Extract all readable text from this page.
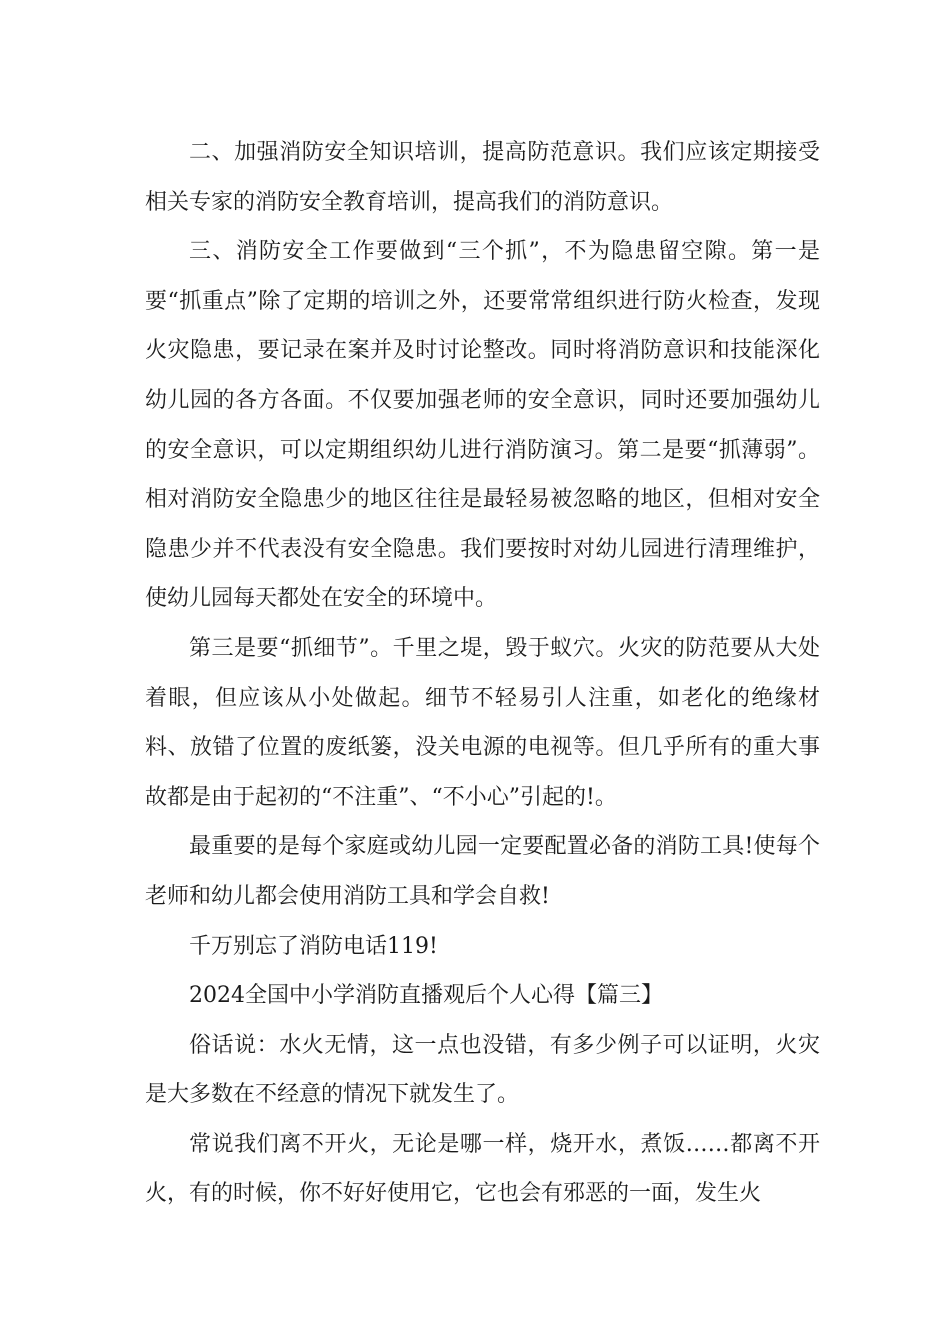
二、加强消防安全知识培训，提高防范意识。我们应该定期接受相关专家的消防安全教育培训，提高我们的消防意识。

三、消防安全工作要做到“三个抓”，不为隐患留空隙。第一是要“抓重点”除了定期的培训之外，还要常常组织进行防火检查，发现火灾隐患，要记录在案并及时讨论整改。同时将消防意识和技能深化幼儿园的各方各面。不仅要加强老师的安全意识，同时还要加强幼儿的安全意识，可以定期组织幼儿进行消防演习。第二是要“抓薄弱”。相对消防安全隐患少的地区往往是最轻易被忽略的地区，但相对安全隐患少并不代表没有安全隐患。我们要按时对幼儿园进行清理维护，使幼儿园每天都处在安全的环境中。

第三是要“抓细节”。千里之堤，毁于蚁穴。火灾的防范要从大处着眼，但应该从小处做起。细节不轻易引人注重，如老化的绝缘材料、放错了位置的废纸篓，没关电源的电视等。但几乎所有的重大事故都是由于起初的“不注重”、“不小心”引起的!。

最重要的是每个家庭或幼儿园一定要配置必备的消防工具!使每个老师和幼儿都会使用消防工具和学会自救!

千万别忘了消防电话119!

2024全国中小学消防直播观后个人心得【篇三】

俗话说：水火无情，这一点也没错，有多少例子可以证明，火灾是大多数在不经意的情况下就发生了。

常说我们离不开火，无论是哪一样，烧开水，煮饭……都离不开火，有的时候，你不好好使用它，它也会有邪恶的一面，发生火
